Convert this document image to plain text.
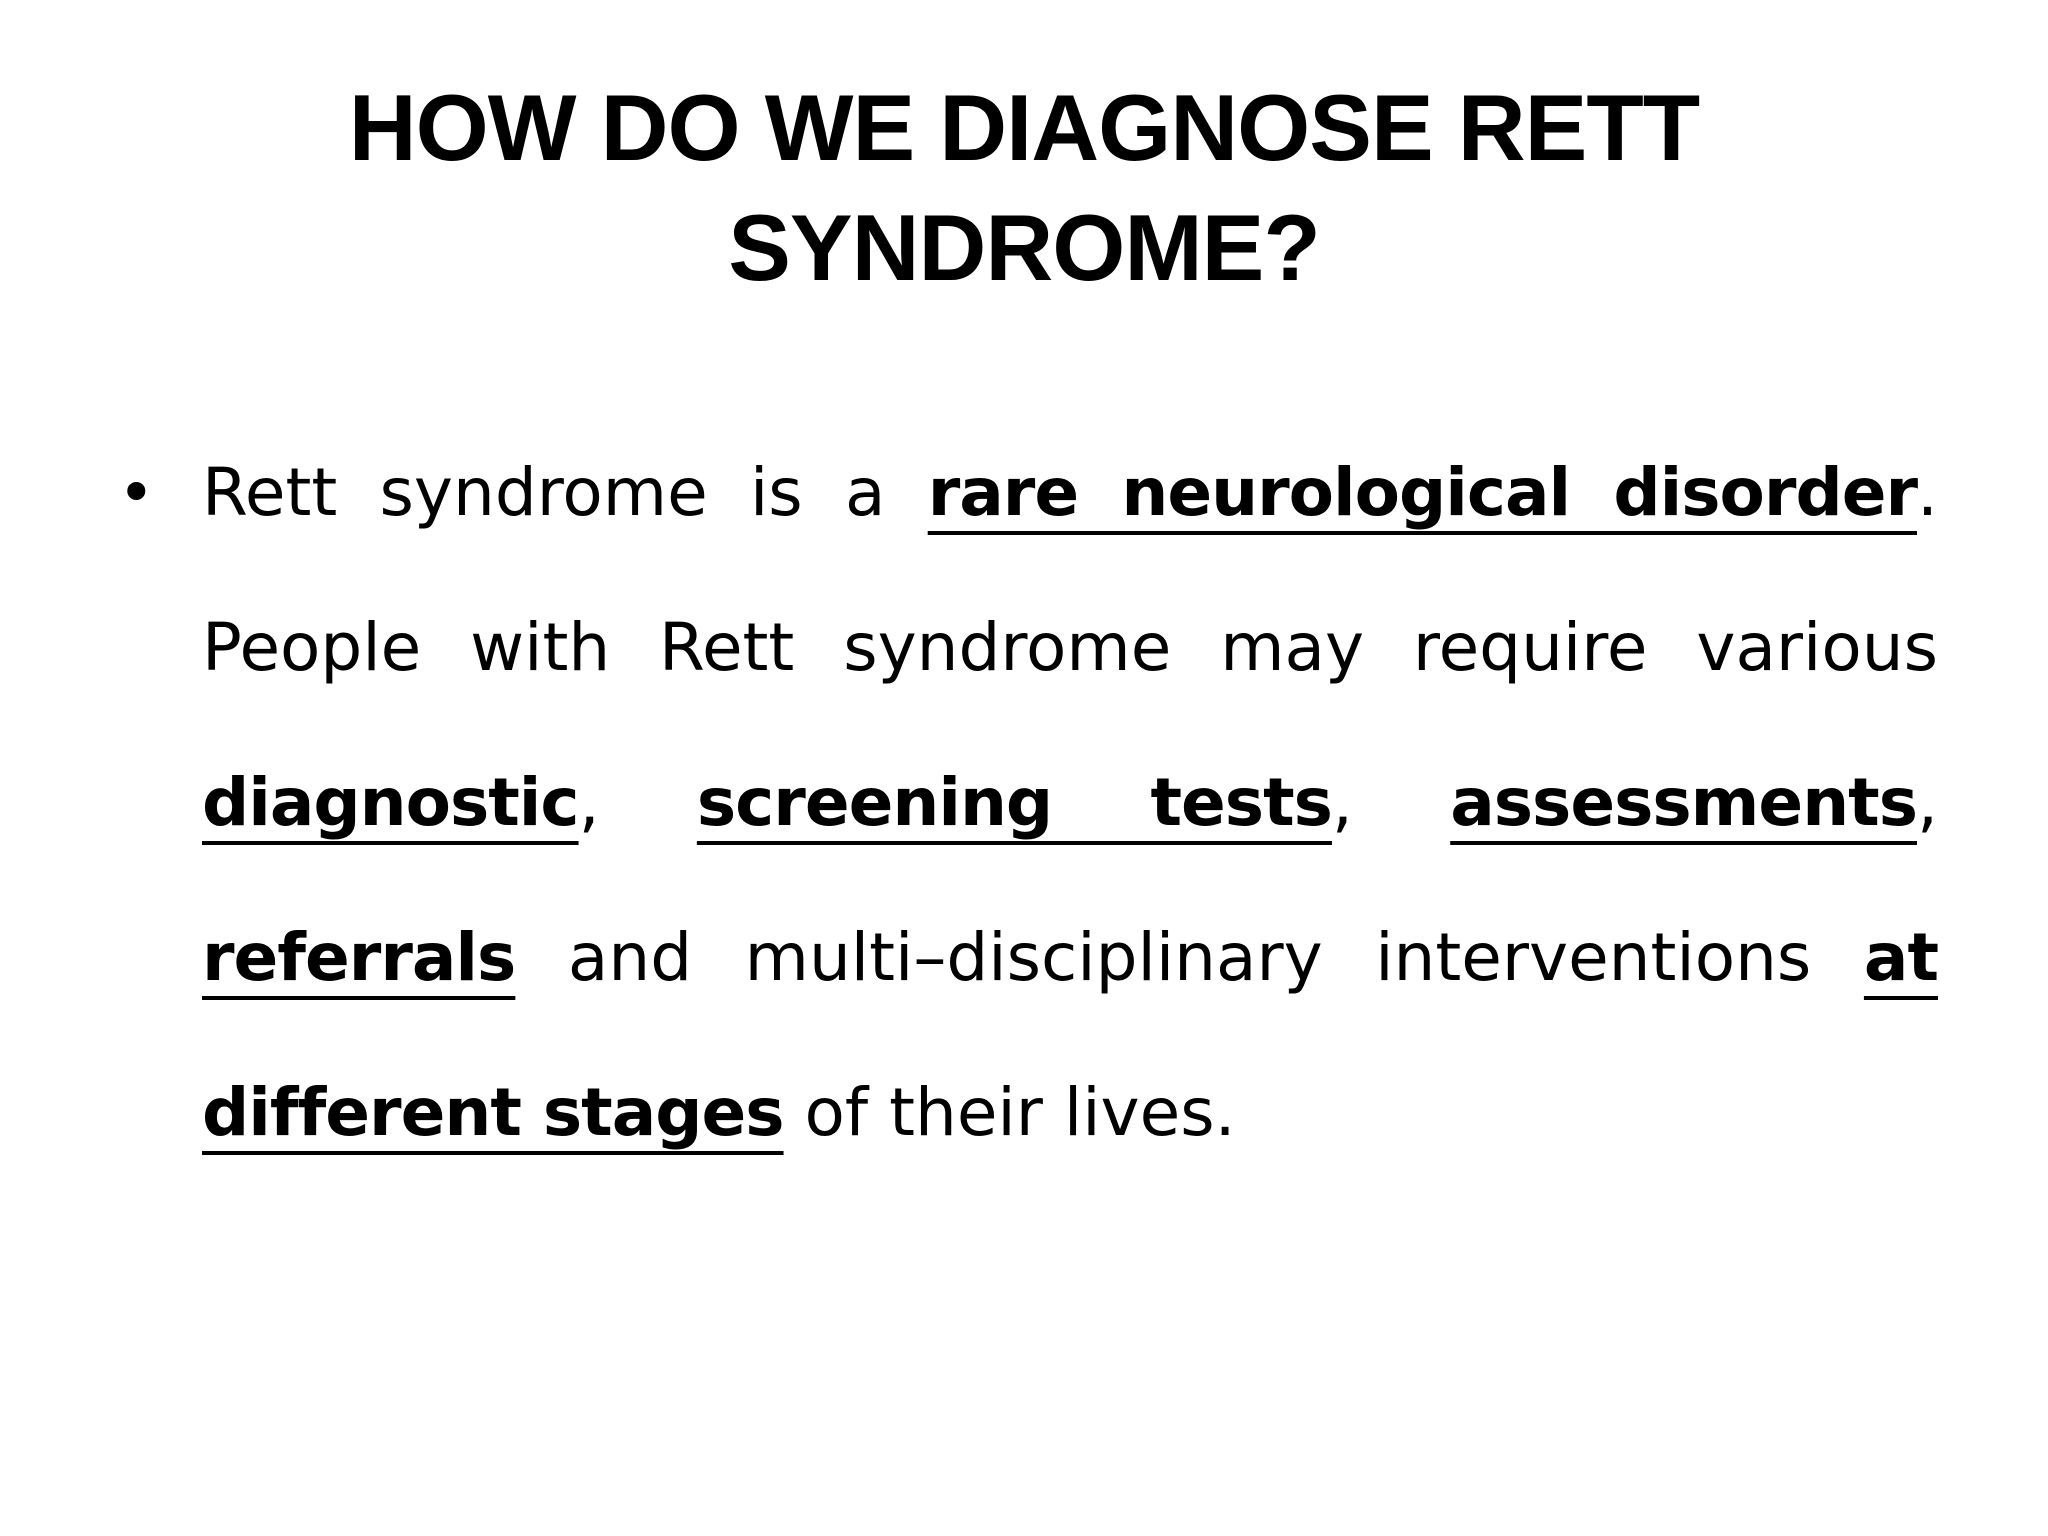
HOW DO WE DIAGNOSE RETT
SYNDROME?
• Rett syndrome is a rare neurological disorder. People with Rett syndrome may require various diagnostic, screening tests, assessments, referrals and multi–disciplinary interventions at different stages of their lives.
